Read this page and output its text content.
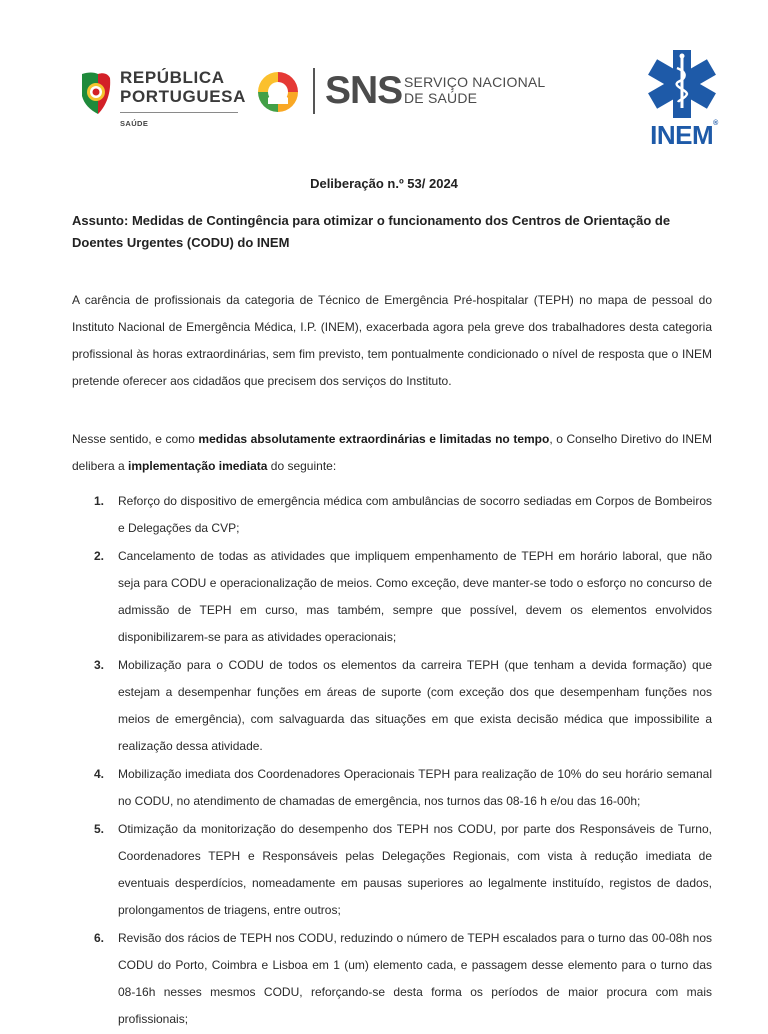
REPÚBLICA
PORTUGUESA
SAÚDE
SNS SERVIÇO NACIONAL
DE SAÚDE
INEM®
Deliberação n.º 53/ 2024
Assunto: Medidas de Contingência para otimizar o funcionamento dos Centros de Orientação de Doentes Urgentes (CODU) do INEM
A carência de profissionais da categoria de Técnico de Emergência Pré-hospitalar (TEPH) no mapa de pessoal do Instituto Nacional de Emergência Médica, I.P. (INEM), exacerbada agora pela greve dos trabalhadores desta categoria profissional às horas extraordinárias, sem fim previsto, tem pontualmente condicionado o nível de resposta que o INEM pretende oferecer aos cidadãos que precisem dos serviços do Instituto.
Nesse sentido, e como medidas absolutamente extraordinárias e limitadas no tempo, o Conselho Diretivo do INEM delibera a implementação imediata do seguinte:
1.	Reforço do dispositivo de emergência médica com ambulâncias de socorro sediadas em Corpos de Bombeiros e Delegações da CVP;
2.	Cancelamento de todas as atividades que impliquem empenhamento de TEPH em horário laboral, que não seja para CODU e operacionalização de meios. Como exceção, deve manter-se todo o esforço no concurso de admissão de TEPH em curso, mas também, sempre que possível, devem os elementos envolvidos disponibilizarem-se para as atividades operacionais;
3.	Mobilização para o CODU de todos os elementos da carreira TEPH (que tenham a devida formação) que estejam a desempenhar funções em áreas de suporte (com exceção dos que desempenham funções nos meios de emergência), com salvaguarda das situações em que exista decisão médica que impossibilite a realização dessa atividade.
4.	Mobilização imediata dos Coordenadores Operacionais TEPH para realização de 10% do seu horário semanal no CODU, no atendimento de chamadas de emergência, nos turnos das 08-16 h e/ou das 16-00h;
5.	Otimização da monitorização do desempenho dos TEPH nos CODU, por parte dos Responsáveis de Turno, Coordenadores TEPH e Responsáveis pelas Delegações Regionais, com vista à redução imediata de eventuais desperdícios, nomeadamente em pausas superiores ao legalmente instituído, registos de dados, prolongamentos de triagens, entre outros;
6.	Revisão dos rácios de TEPH nos CODU, reduzindo o número de TEPH escalados para o turno das 00-08h nos CODU do Porto, Coimbra e Lisboa em 1 (um) elemento cada, e passagem desse elemento para o turno das 08-16h nesses mesmos CODU, reforçando-se desta forma os períodos de maior procura com mais profissionais;
